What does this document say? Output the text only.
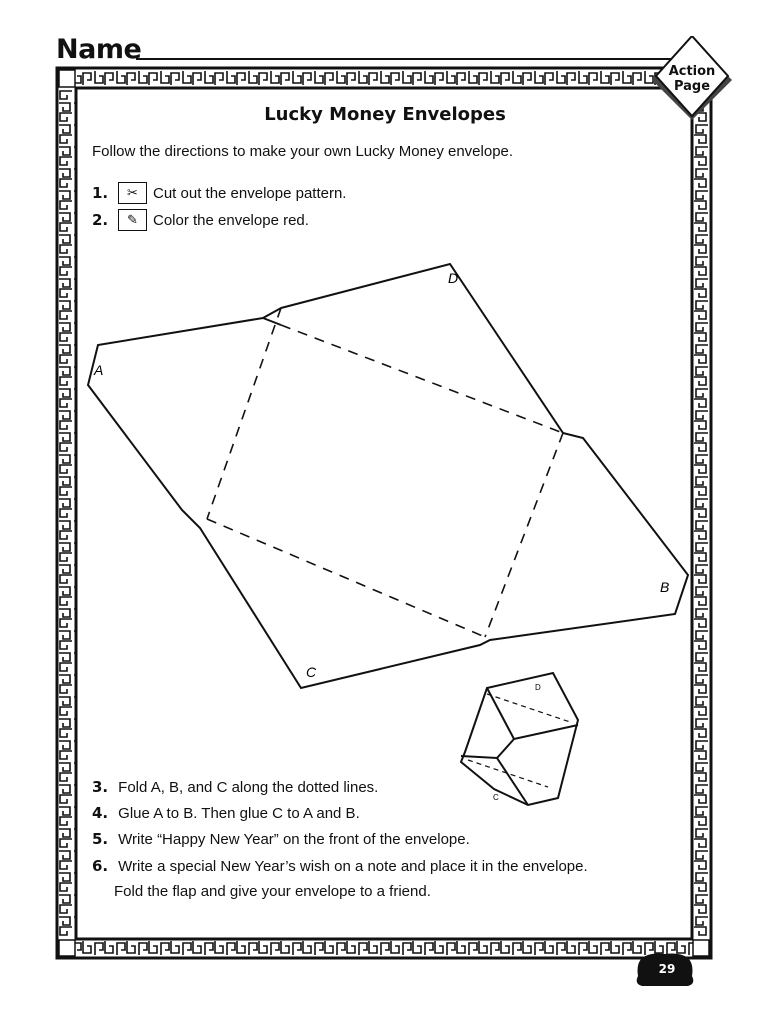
Name
Action
Page
Lucky Money Envelopes
Follow the directions to make your own Lucky Money envelope.
1.	✂	Cut out the envelope pattern.
2.	✎	Color the envelope red.
D
A
B
C
D
C
3. Fold A, B, and C along the dotted lines.
4. Glue A to B. Then glue C to A and B.
5. Write “Happy New Year” on the front of the envelope.
6. Write a special New Year’s wish on a note and place it in the envelope.
Fold the flap and give your envelope to a friend.
29
